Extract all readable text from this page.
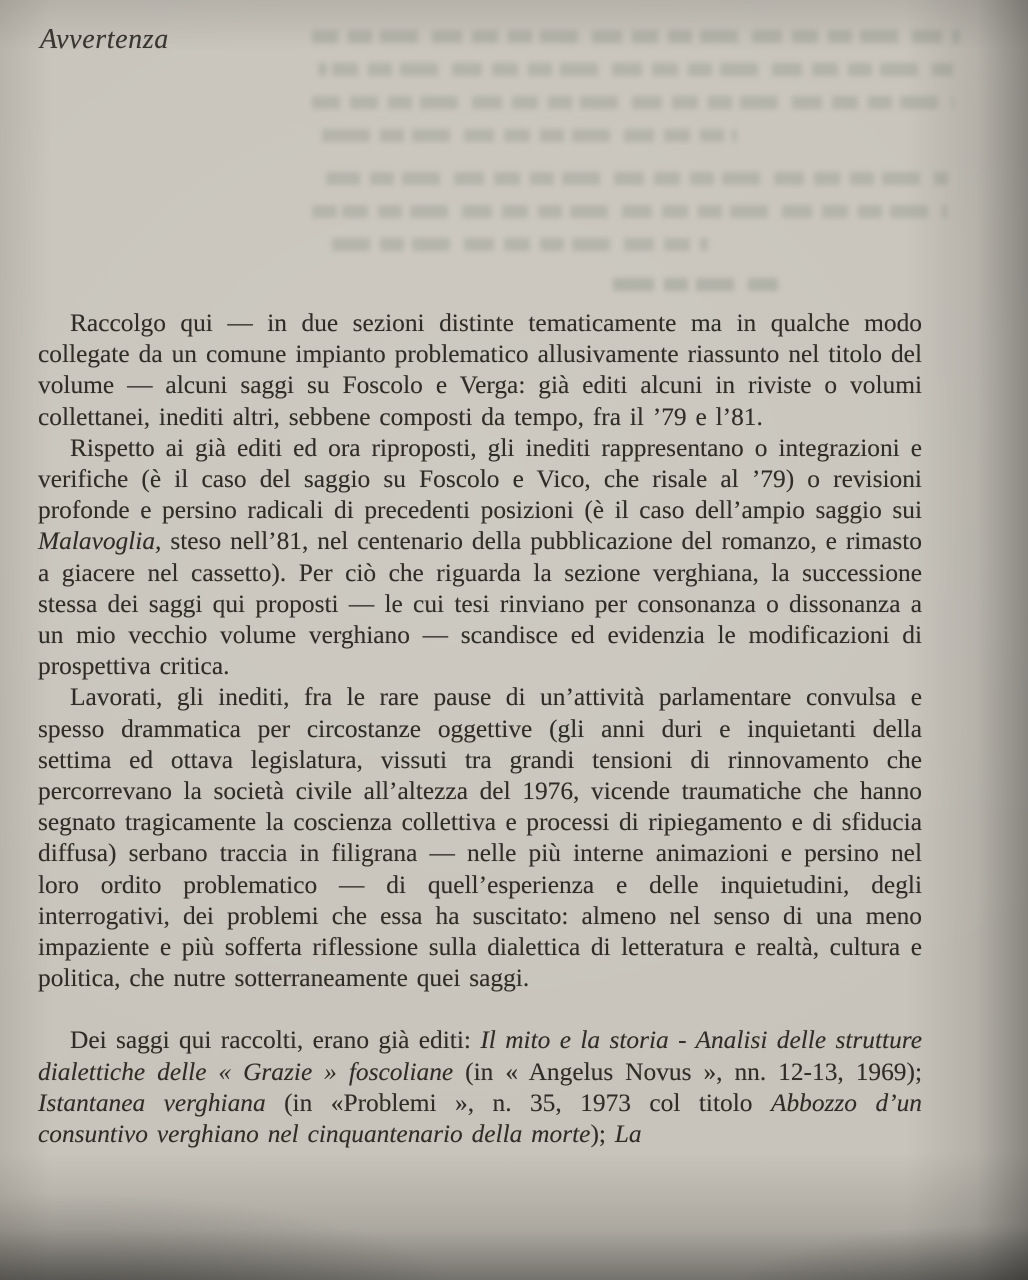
Avvertenza

Raccolgo qui — in due sezioni distinte tematicamente ma in qualche modo collegate da un comune impianto problematico allusivamente riassunto nel titolo del volume — alcuni saggi su Foscolo e Verga: già editi alcuni in riviste o volumi collettanei, inediti altri, sebbene composti da tempo, fra il ’79 e l’81.

Rispetto ai già editi ed ora riproposti, gli inediti rappresentano o integrazioni e verifiche (è il caso del saggio su Foscolo e Vico, che risale al ’79) o revisioni profonde e persino radicali di precedenti posizioni (è il caso dell’ampio saggio sui Malavoglia, steso nell’81, nel centenario della pubblicazione del romanzo, e rimasto a giacere nel cassetto). Per ciò che riguarda la sezione verghiana, la successione stessa dei saggi qui proposti — le cui tesi rinviano per consonanza o dissonanza a un mio vecchio volume verghiano — scandisce ed evidenzia le modificazioni di prospettiva critica.

Lavorati, gli inediti, fra le rare pause di un’attività parlamentare convulsa e spesso drammatica per circostanze oggettive (gli anni duri e inquietanti della settima ed ottava legislatura, vissuti tra grandi tensioni di rinnovamento che percorrevano la società civile all’altezza del 1976, vicende traumatiche che hanno segnato tragicamente la coscienza collettiva e processi di ripiegamento e di sfiducia diffusa) serbano traccia in filigrana — nelle più interne animazioni e persino nel loro ordito problematico — di quell’esperienza e delle inquietudini, degli interrogativi, dei problemi che essa ha suscitato: almeno nel senso di una meno impaziente e più sofferta riflessione sulla dialettica di letteratura e realtà, cultura e politica, che nutre sotterraneamente quei saggi.

Dei saggi qui raccolti, erano già editi: Il mito e la storia - Analisi delle strutture dialettiche delle « Grazie » foscoliane (in « Angelus Novus », nn. 12-13, 1969); Istantanea verghiana (in «Problemi », n. 35, 1973 col titolo Abbozzo d’un consuntivo verghiano nel cinquantenario della morte); La
